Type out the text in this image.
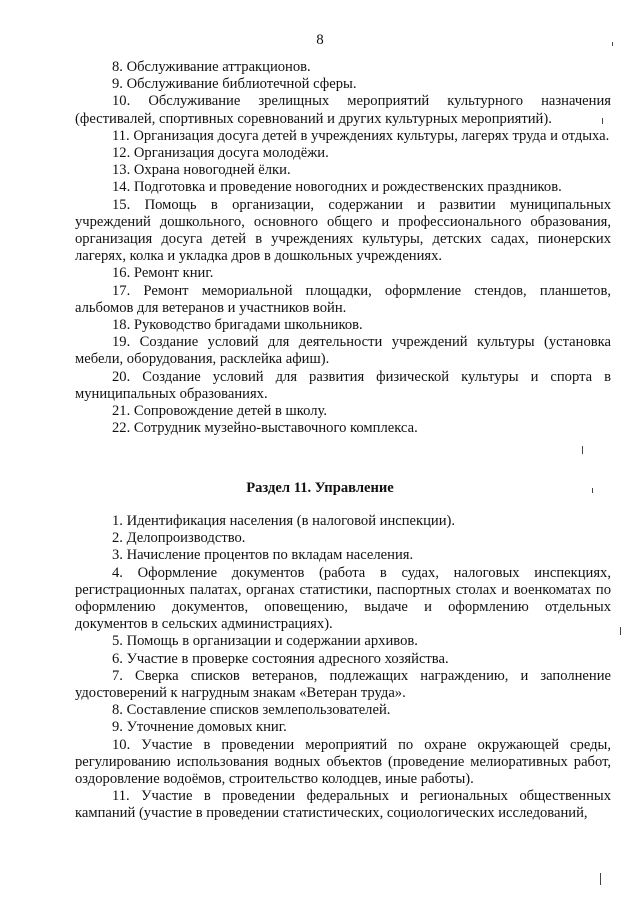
8

8. Обслуживание аттракционов.

9. Обслуживание библиотечной сферы.

10. Обслуживание зрелищных мероприятий культурного назначения (фестивалей, спортивных соревнований и других культурных мероприятий).

11. Организация досуга детей в учреждениях культуры, лагерях труда и отдыха.

12. Организация досуга молодёжи.

13. Охрана новогодней ёлки.

14. Подготовка и проведение новогодних и рождественских праздников.

15. Помощь в организации, содержании и развитии муниципальных учреждений дошкольного, основного общего и профессионального образования, организация досуга детей в учреждениях культуры, детских садах, пионерских лагерях, колка и укладка дров в дошкольных учреждениях.

16. Ремонт книг.

17. Ремонт мемориальной площадки, оформление стендов, планшетов, альбомов для ветеранов и участников войн.

18. Руководство бригадами школьников.

19. Создание условий для деятельности учреждений культуры (установка мебели, оборудования, расклейка афиш).

20. Создание условий для развития физической культуры и спорта в муниципальных образованиях.

21. Сопровождение детей в школу.

22. Сотрудник музейно-выставочного комплекса.

Раздел 11. Управление

1. Идентификация населения (в налоговой инспекции).

2. Делопроизводство.

3. Начисление процентов по вкладам населения.

4. Оформление документов (работа в судах, налоговых инспекциях, регистрационных палатах, органах статистики, паспортных столах и военкоматах по оформлению документов, оповещению, выдаче и оформлению отдельных документов в сельских администрациях).

5. Помощь в организации и содержании архивов.

6. Участие в проверке состояния адресного хозяйства.

7. Сверка списков ветеранов, подлежащих награждению, и заполнение удостоверений к нагрудным знакам «Ветеран труда».

8. Составление списков землепользователей.

9. Уточнение домовых книг.

10. Участие в проведении мероприятий по охране окружающей среды, регулированию использования водных объектов (проведение мелиоративных работ, оздоровление водоёмов, строительство колодцев, иные работы).

11. Участие в проведении федеральных и региональных общественных кампаний (участие в проведении статистических, социологических исследований,
